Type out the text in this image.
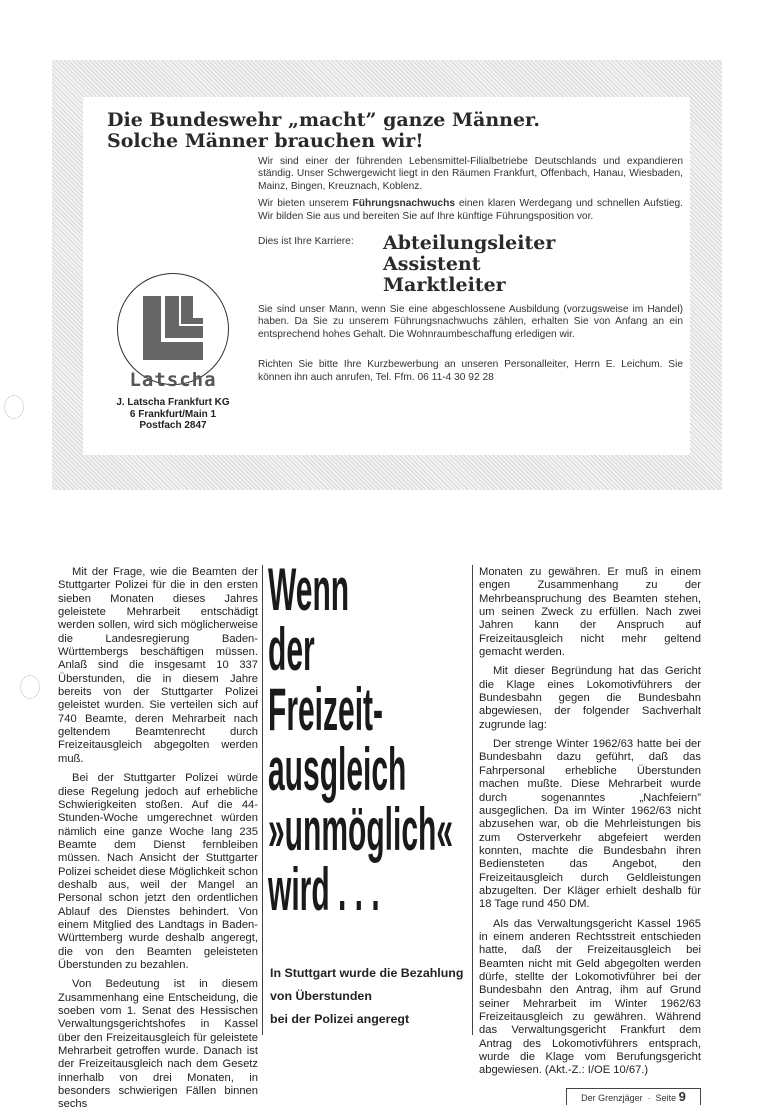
Die Bundeswehr „macht” ganze Männer.
Solche Männer brauchen wir!

Wir sind einer der führenden Lebensmittel-Filialbetriebe Deutschlands und expandieren ständig. Unser Schwergewicht liegt in den Räumen Frankfurt, Offenbach, Hanau, Wiesbaden, Mainz, Bingen, Kreuznach, Koblenz.

Wir bieten unserem Führungsnachwuchs einen klaren Werdegang und schnellen Aufstieg. Wir bilden Sie aus und bereiten Sie auf Ihre künftige Führungsposition vor.

Dies ist Ihre Karriere:	Abteilungsleiter
Assistent
Marktleiter

Sie sind unser Mann, wenn Sie eine abgeschlossene Ausbildung (vorzugsweise im Handel) haben. Da Sie zu unserem Führungsnachwuchs zählen, erhalten Sie von Anfang an ein entsprechend hohes Gehalt. Die Wohnraumbeschaffung erledigen wir.

Richten Sie bitte Ihre Kurzbewerbung an unseren Personalleiter, Herrn E. Leichum. Sie können ihn auch anrufen, Tel. Ffm. 06 11-4 30 92 28

Latscha
J. Latscha Frankfurt KG
6 Frankfurt/Main 1
Postfach 2847

Mit der Frage, wie die Beamten der Stuttgarter Polizei für die in den ersten sieben Monaten dieses Jahres geleistete Mehrarbeit entschädigt werden sollen, wird sich möglicherweise die Landesregierung Baden-Württembergs beschäftigen müssen. Anlaß sind die insgesamt 10 337 Überstunden, die in diesem Jahre bereits von der Stuttgarter Polizei geleistet wurden. Sie verteilen sich auf 740 Beamte, deren Mehrarbeit nach geltendem Beamtenrecht durch Freizeitausgleich abgegolten werden muß.

Bei der Stuttgarter Polizei würde diese Regelung jedoch auf erhebliche Schwierigkeiten stoßen. Auf die 44-Stunden-Woche umgerechnet würden nämlich eine ganze Woche lang 235 Beamte dem Dienst fernbleiben müssen. Nach Ansicht der Stuttgarter Polizei scheidet diese Möglichkeit schon deshalb aus, weil der Mangel an Personal schon jetzt den ordentlichen Ablauf des Dienstes behindert. Von einem Mitglied des Landtags in Baden-Württemberg wurde deshalb angeregt, die von den Beamten geleisteten Überstunden zu bezahlen.

Von Bedeutung ist in diesem Zusammenhang eine Entscheidung, die soeben vom 1. Senat des Hessischen Verwaltungsgerichtshofes in Kassel über den Freizeitausgleich für geleistete Mehrarbeit getroffen wurde. Danach ist der Freizeitausgleich nach dem Gesetz innerhalb von drei Monaten, in besonders schwierigen Fällen binnen sechs

Wenn
der
Freizeit-
ausgleich
»unmöglich«
wird . . .
In Stuttgart wurde die Bezahlung
von Überstunden
bei der Polizei angeregt

Monaten zu gewähren. Er muß in einem engen Zusammenhang zu der Mehrbeanspruchung des Beamten stehen, um seinen Zweck zu erfüllen. Nach zwei Jahren kann der Anspruch auf Freizeitausgleich nicht mehr geltend gemacht werden.

Mit dieser Begründung hat das Gericht die Klage eines Lokomotivführers der Bundesbahn gegen die Bundesbahn abgewiesen, der folgender Sachverhalt zugrunde lag:

Der strenge Winter 1962/63 hatte bei der Bundesbahn dazu geführt, daß das Fahrpersonal erhebliche Überstunden machen mußte. Diese Mehrarbeit wurde durch sogenanntes „Nachfeiern” ausgeglichen. Da im Winter 1962/63 nicht abzusehen war, ob die Mehrleistungen bis zum Osterverkehr abgefeiert werden konnten, machte die Bundesbahn ihren Bediensteten das Angebot, den Freizeitausgleich durch Geldleistungen abzugelten. Der Kläger erhielt deshalb für 18 Tage rund 450 DM.

Als das Verwaltungsgericht Kassel 1965 in einem anderen Rechtsstreit entschieden hatte, daß der Freizeitausgleich bei Beamten nicht mit Geld abgegolten werden dürfe, stellte der Lokomotivführer bei der Bundesbahn den Antrag, ihm auf Grund seiner Mehrarbeit im Winter 1962/63 Freizeitausgleich zu gewähren. Während das Verwaltungsgericht Frankfurt dem Antrag des Lokomotivführers entsprach, wurde die Klage vom Berufungsgericht abgewiesen. (Akt.-Z.: I/OE 10/67.)

Der Grenzjäger · Seite 9
